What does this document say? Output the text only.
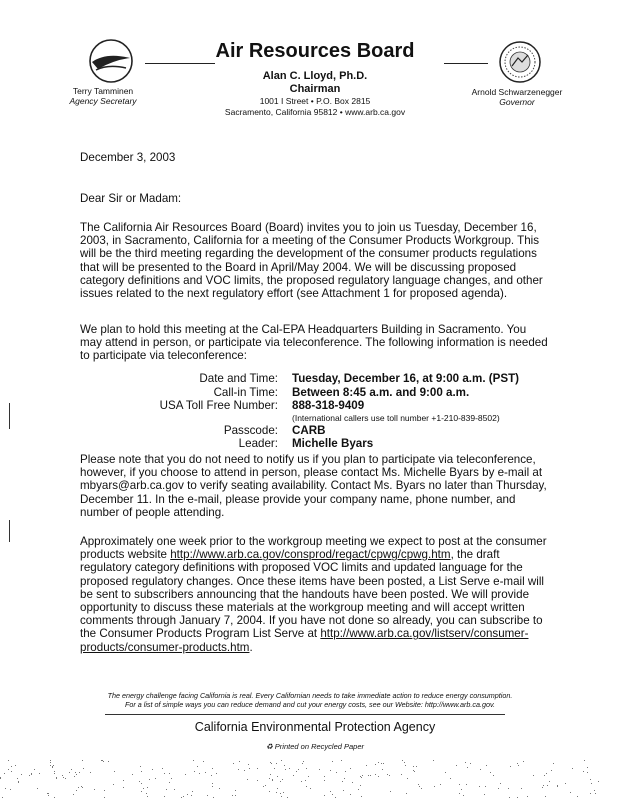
Air Resources Board
Alan C. Lloyd, Ph.D.
Chairman
1001 I Street • P.O. Box 2815
Sacramento, California 95812 • www.arb.ca.gov
Terry Tamminen
Agency Secretary
Arnold Schwarzenegger
Governor
December 3, 2003
Dear Sir or Madam:
The California Air Resources Board (Board) invites you to join us Tuesday, December 16, 2003, in Sacramento, California for a meeting of the Consumer Products Workgroup. This will be the third meeting regarding the development of the consumer products regulations that will be presented to the Board in April/May 2004. We will be discussing proposed category definitions and VOC limits, the proposed regulatory language changes, and other issues related to the next regulatory effort (see Attachment 1 for proposed agenda).
We plan to hold this meeting at the Cal-EPA Headquarters Building in Sacramento. You may attend in person, or participate via teleconference. The following information is needed to participate via teleconference:
Date and Time:	Tuesday, December 16, at 9:00 a.m. (PST)
Call-in Time:	Between 8:45 a.m. and 9:00 a.m.
USA Toll Free Number:	888-318-9409
(International callers use toll number +1-210-839-8502)
Passcode:	CARB
Leader:	Michelle Byars
Please note that you do not need to notify us if you plan to participate via teleconference, however, if you choose to attend in person, please contact Ms. Michelle Byars by e-mail at mbyars@arb.ca.gov to verify seating availability. Contact Ms. Byars no later than Thursday, December 11. In the e-mail, please provide your company name, phone number, and number of people attending.
Approximately one week prior to the workgroup meeting we expect to post at the consumer products website http://www.arb.ca.gov/consprod/regact/cpwg/cpwg.htm, the draft regulatory category definitions with proposed VOC limits and updated language for the proposed regulatory changes. Once these items have been posted, a List Serve e-mail will be sent to subscribers announcing that the handouts have been posted. We will provide opportunity to discuss these materials at the workgroup meeting and will accept written comments through January 7, 2004. If you have not done so already, you can subscribe to the Consumer Products Program List Serve at http://www.arb.ca.gov/listserv/consumer-products/consumer-products.htm.
The energy challenge facing California is real. Every Californian needs to take immediate action to reduce energy consumption.
For a list of simple ways you can reduce demand and cut your energy costs, see our Website: http://www.arb.ca.gov.
California Environmental Protection Agency
♻ Printed on Recycled Paper
